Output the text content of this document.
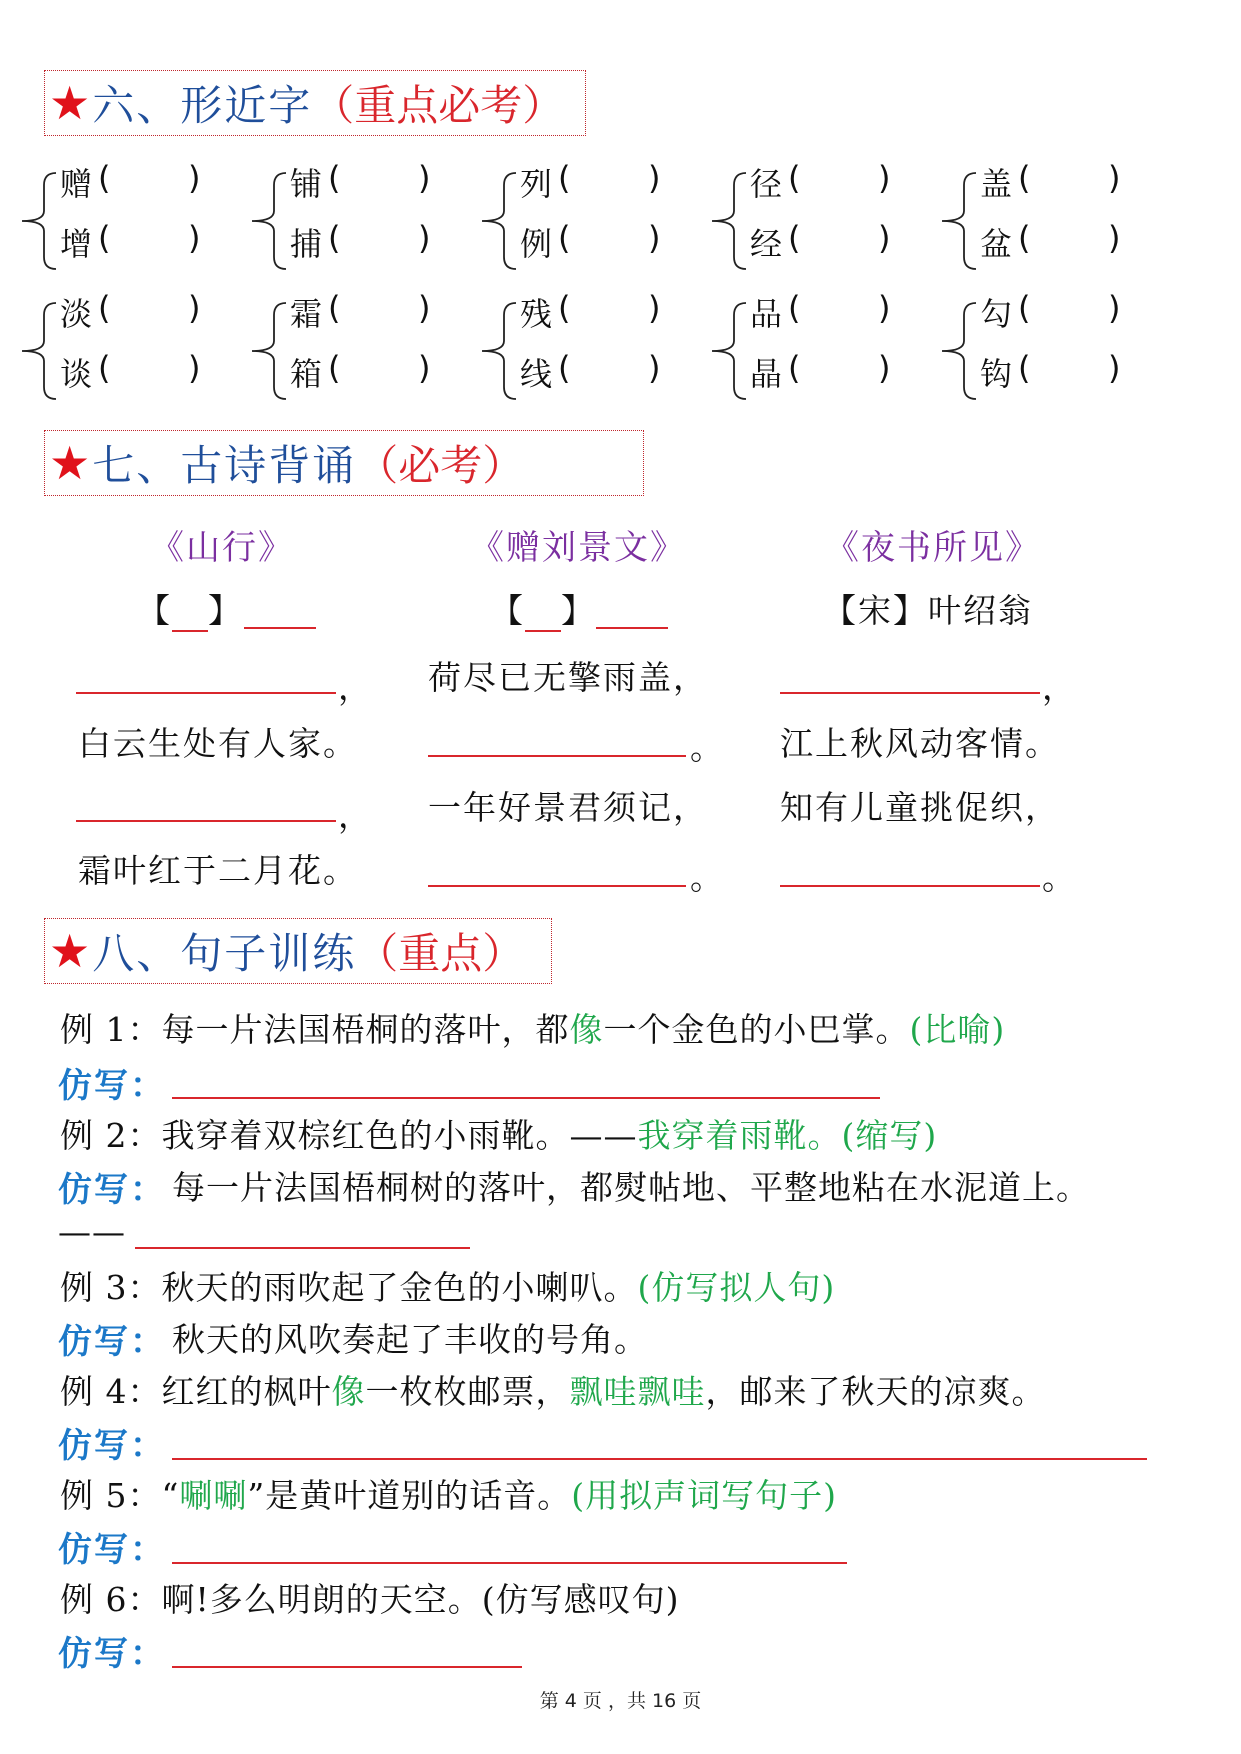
★ 六、形近字 （重点必考）
赠 ( )
增 ( )
铺 ( )
捕 ( )
列 ( )
例 ( )
径 ( )
经 ( )
盖 ( )
盆 ( )
淡 ( )
谈 ( )
霜 ( )
箱 ( )
残 ( )
线 ( )
品 ( )
晶 ( )
勾 ( )
钩 ( )
★ 七、古诗背诵 （必考）
《山行》
【 】
，
白云生处有人家。
，
霜叶红于二月花。
《赠刘景文》
【 】
荷尽已无擎雨盖，
。
一年好景君须记，
。
《夜书所见》
【宋】叶绍翁
，
江上秋风动客情。
知有儿童挑促织，
。
★ 八、句子训练 （重点）
例 1：每一片法国梧桐的落叶，都像一个金色的小巴掌。(比喻)
仿写：
例 2：我穿着双棕红色的小雨靴。——我穿着雨靴。(缩写)
仿写： 每一片法国梧桐树的落叶，都熨帖地、平整地粘在水泥道上。
——
例 3：秋天的雨吹起了金色的小喇叭。(仿写拟人句)
仿写： 秋天的风吹奏起了丰收的号角。
例 4：红红的枫叶像一枚枚邮票，飘哇飘哇，邮来了秋天的凉爽。
仿写：
例 5：“唰唰”是黄叶道别的话音。(用拟声词写句子)
仿写：
例 6：啊!多么明朗的天空。(仿写感叹句)
仿写：
第 4 页 ，共 16 页
